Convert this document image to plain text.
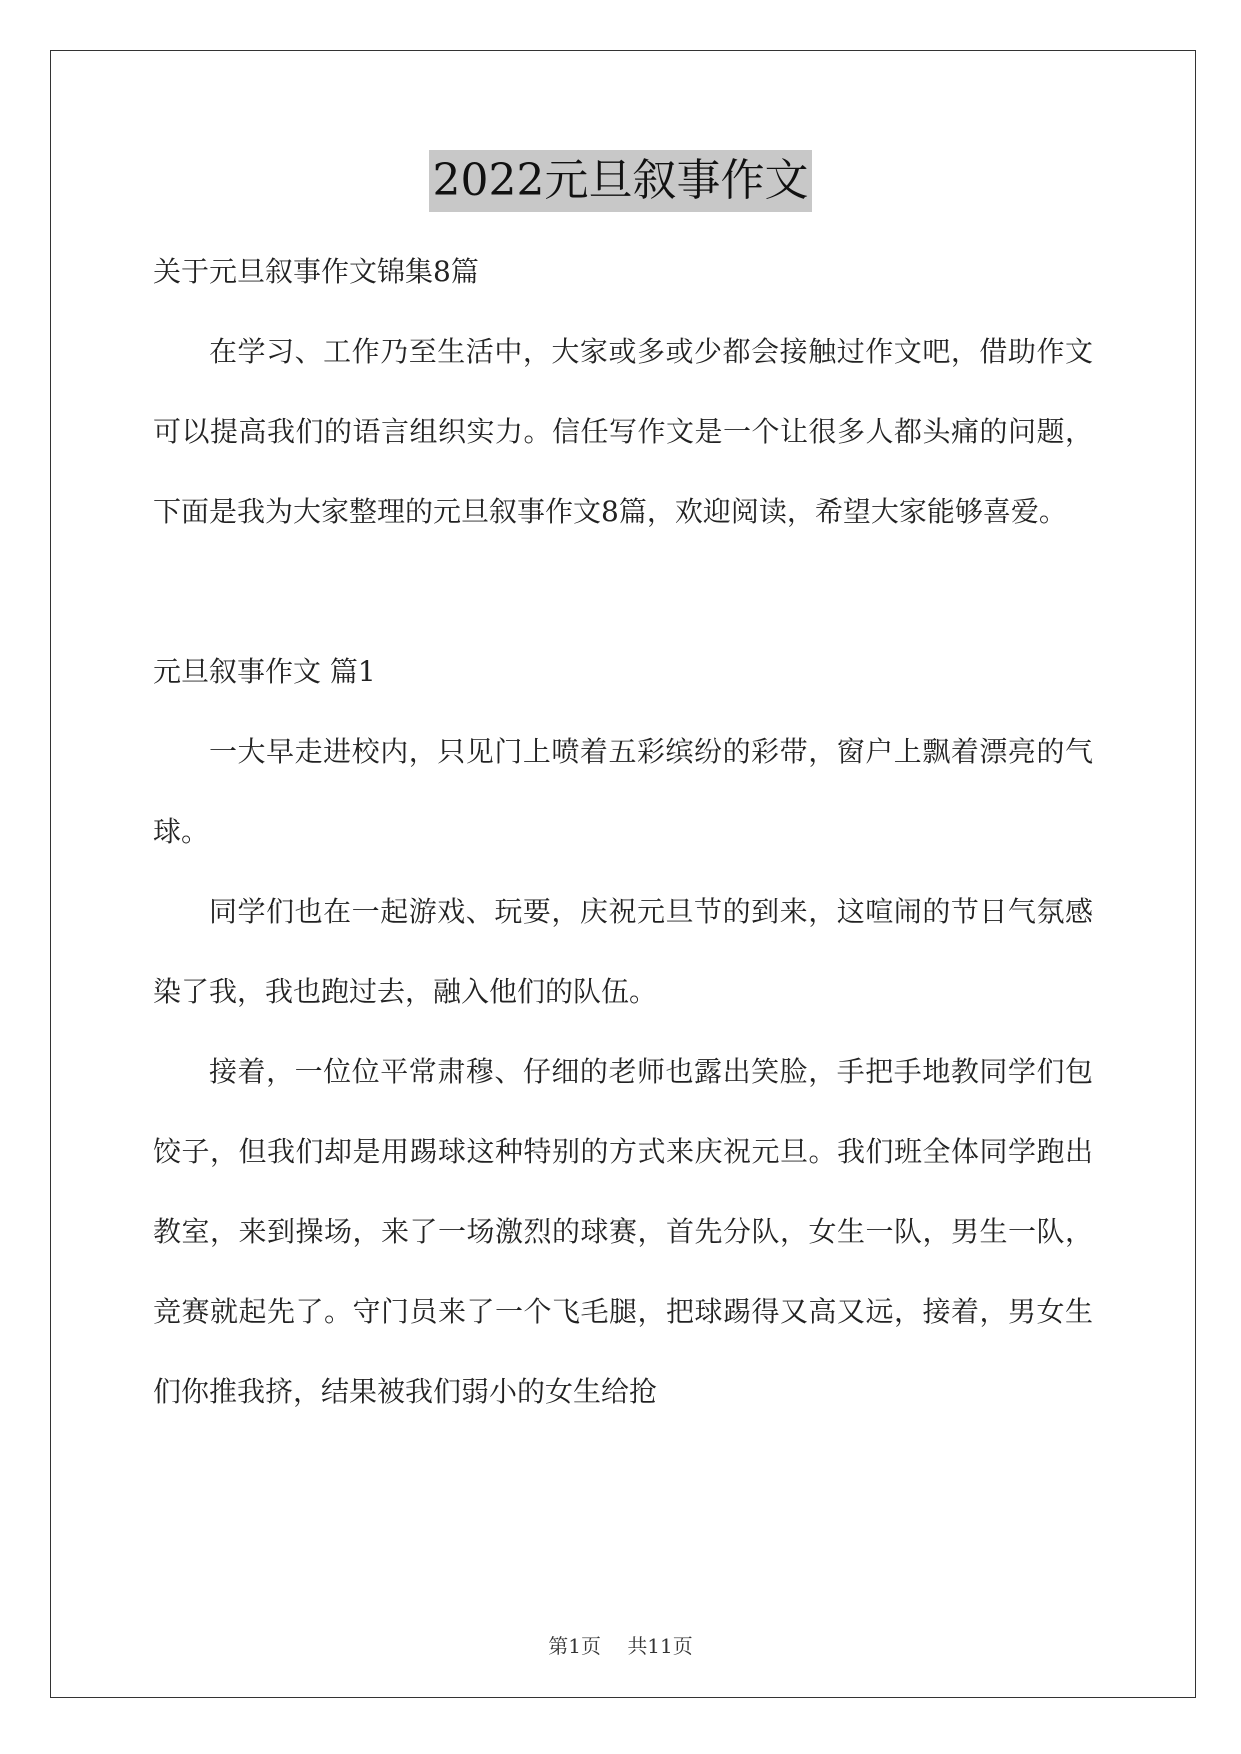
2022元旦叙事作文

关于元旦叙事作文锦集8篇

在学习、工作乃至生活中，大家或多或少都会接触过作文吧，借助作文可以提高我们的语言组织实力。信任写作文是一个让很多人都头痛的问题，下面是我为大家整理的元旦叙事作文8篇，欢迎阅读，希望大家能够喜爱。

元旦叙事作文 篇1

一大早走进校内，只见门上喷着五彩缤纷的彩带，窗户上飘着漂亮的气球。

同学们也在一起游戏、玩要，庆祝元旦节的到来，这喧闹的节日气氛感染了我，我也跑过去，融入他们的队伍。

接着，一位位平常肃穆、仔细的老师也露出笑脸，手把手地教同学们包饺子，但我们却是用踢球这种特别的方式来庆祝元旦。我们班全体同学跑出教室，来到操场，来了一场激烈的球赛，首先分队，女生一队，男生一队，竞赛就起先了。守门员来了一个飞毛腿，把球踢得又高又远，接着，男女生们你推我挤，结果被我们弱小的女生给抢

第1页 共11页
